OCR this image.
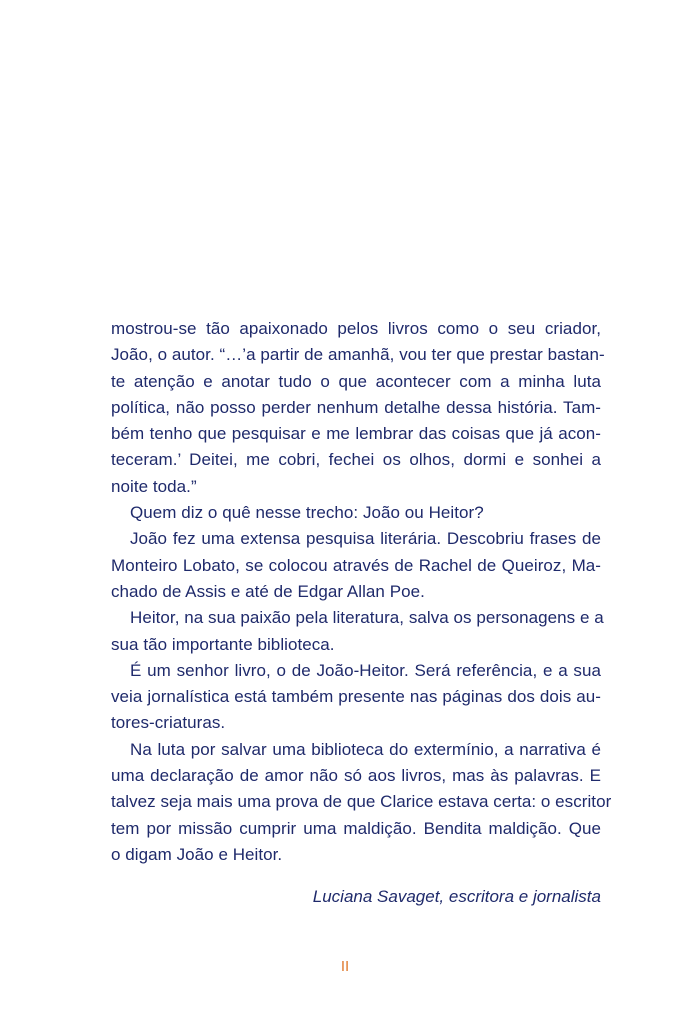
mostrou-se tão apaixonado pelos livros como o seu criador,
João, o autor. “…’a partir de amanhã, vou ter que prestar bastan-
te atenção e anotar tudo o que acontecer com a minha luta
política, não posso perder nenhum detalhe dessa história. Tam-
bém tenho que pesquisar e me lembrar das coisas que já acon-
teceram.’ Deitei, me cobri, fechei os olhos, dormi e sonhei a
noite toda.”

Quem diz o quê nesse trecho: João ou Heitor?

João fez uma extensa pesquisa literária. Descobriu frases de
Monteiro Lobato, se colocou através de Rachel de Queiroz, Ma-
chado de Assis e até de Edgar Allan Poe.

Heitor, na sua paixão pela literatura, salva os personagens e a
sua tão importante biblioteca.

É um senhor livro, o de João-Heitor. Será referência, e a sua
veia jornalística está também presente nas páginas dos dois au-
tores-criaturas.

Na luta por salvar uma biblioteca do extermínio, a narrativa é
uma declaração de amor não só aos livros, mas às palavras. E
talvez seja mais uma prova de que Clarice estava certa: o escritor
tem por missão cumprir uma maldição. Bendita maldição. Que
o digam João e Heitor.

Luciana Savaget, escritora e jornalista
II
